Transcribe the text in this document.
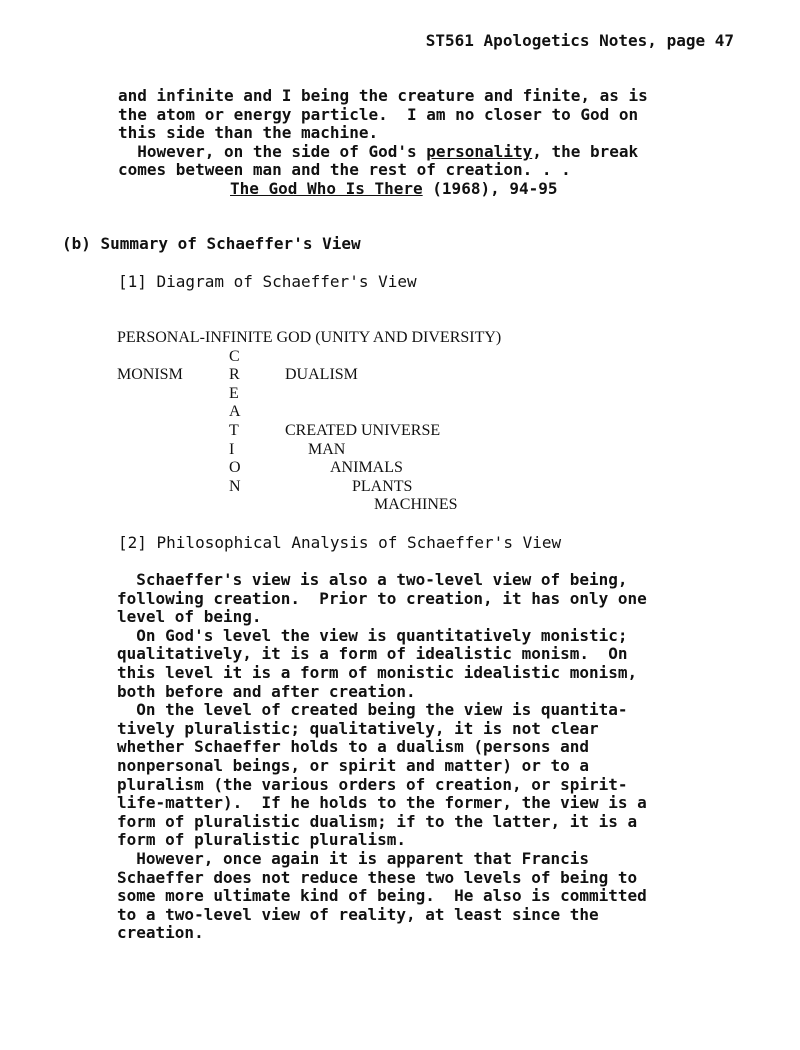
ST561 Apologetics Notes, page 47
and infinite and I being the creature and finite, as is
the atom or energy particle.  I am no closer to God on
this side than the machine.
However, on the side of God's personality, the break
comes between man and the rest of creation. . .
The God Who Is There (1968), 94-95
(b) Summary of Schaeffer's View
[1] Diagram of Schaeffer's View
PERSONAL-INFINITE GOD (UNITY AND DIVERSITY)
MONISM	DUALISM
C
R
E
A
T
I
O
N
CREATED UNIVERSE
MAN
ANIMALS
PLANTS
MACHINES
[2] Philosophical Analysis of Schaeffer's View
Schaeffer's view is also a two-level view of being,
following creation.  Prior to creation, it has only one
level of being.
On God's level the view is quantitatively monistic;
qualitatively, it is a form of idealistic monism.  On
this level it is a form of monistic idealistic monism,
both before and after creation.
On the level of created being the view is quantita-
tively pluralistic; qualitatively, it is not clear
whether Schaeffer holds to a dualism (persons and
nonpersonal beings, or spirit and matter) or to a
pluralism (the various orders of creation, or spirit-
life-matter).  If he holds to the former, the view is a
form of pluralistic dualism; if to the latter, it is a
form of pluralistic pluralism.
However, once again it is apparent that Francis
Schaeffer does not reduce these two levels of being to
some more ultimate kind of being.  He also is committed
to a two-level view of reality, at least since the
creation.
